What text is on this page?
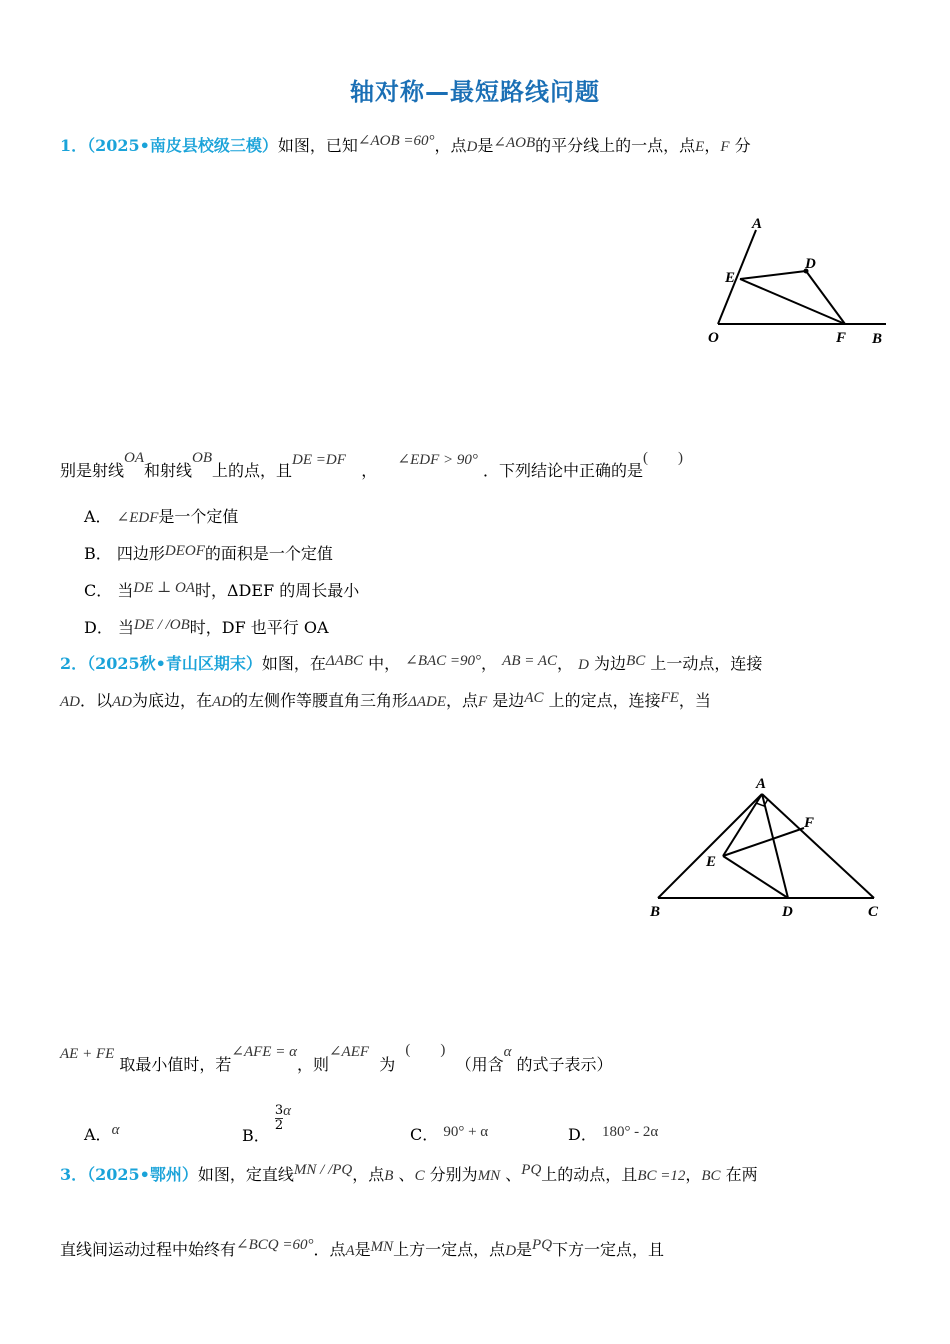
轴对称—最短路线问题
1．（2025•南皮县校级三模）如图，已知∠AOB =60°，点D是∠AOB的平分线上的一点，点E，F 分
A
D
E
O	F B
别是射线OA和射线OB上的点，且DE =DF   ，    ∠EDF > 90° ．下列结论中正确的是(　　)
A． ∠EDF是一个定值
B． 四边形DEOF的面积是一个定值
C． 当DE ⊥ OA时，ΔDEF 的周长最小
D． 当DE / /OB时，DF 也平行 OA
2．（2025秋•青山区期末）如图，在ΔABC 中， ∠BAC =90°， AB = AC， D 为边BC 上一动点，连接
AD．以AD为底边，在AD的左侧作等腰直角三角形ΔADE，点F 是边AC 上的定点，连接FE，当
A
F
E
B	D	C
AE + FE 取最小值时，若∠AFE = α，则∠AEF  为  (　　)  （用含α 的式子表示）
A．α	B．
$\frac{3}{2}$ α
C． 90° + α	D． 180° - 2α
3．（2025•鄂州）如图，定直线MN / /PQ，点B 、C 分别为MN 、PQ上的动点，且BC =12，BC 在两
直线间运动过程中始终有∠BCQ =60°．点A是MN上方一定点，点D是PQ下方一定点，且
